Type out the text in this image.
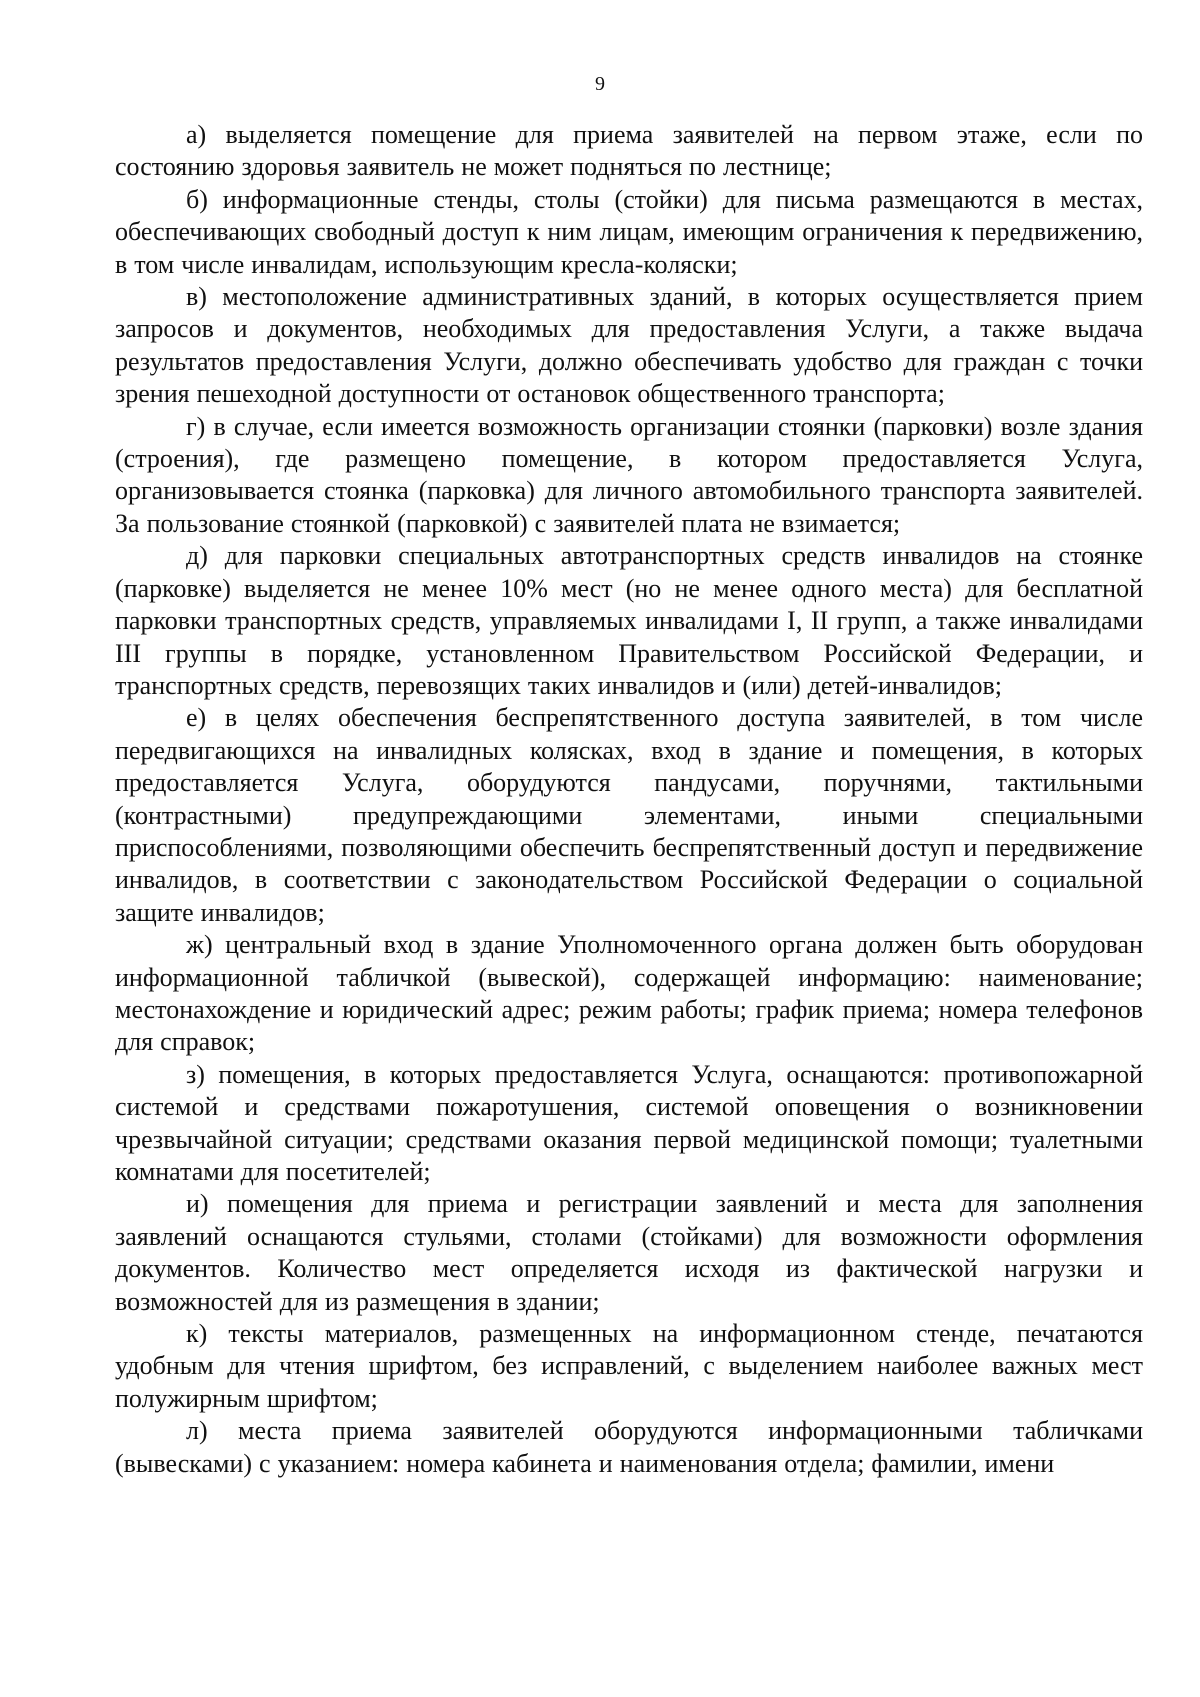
9

а) выделяется помещение для приема заявителей на первом этаже, если по состоянию здоровья заявитель не может подняться по лестнице;

б) информационные стенды, столы (стойки) для письма размещаются в местах, обеспечивающих свободный доступ к ним лицам, имеющим ограничения к передвижению, в том числе инвалидам, использующим кресла-коляски;

в) местоположение административных зданий, в которых осуществляется прием запросов и документов, необходимых для предоставления Услуги, а также выдача результатов предоставления Услуги, должно обеспечивать удобство для граждан с точки зрения пешеходной доступности от остановок общественного транспорта;

г) в случае, если имеется возможность организации стоянки (парковки) возле здания (строения), где размещено помещение, в котором предоставляется Услуга, организовывается стоянка (парковка) для личного автомобильного транспорта заявителей. За пользование стоянкой (парковкой) с заявителей плата не взимается;

д) для парковки специальных автотранспортных средств инвалидов на стоянке (парковке) выделяется не менее 10% мест (но не менее одного места) для бесплатной парковки транспортных средств, управляемых инвалидами I, II групп, а также инвалидами III группы в порядке, установленном Правительством Российской Федерации, и транспортных средств, перевозящих таких инвалидов и (или) детей-инвалидов;

е) в целях обеспечения беспрепятственного доступа заявителей, в том числе передвигающихся на инвалидных колясках, вход в здание и помещения, в которых предоставляется Услуга, оборудуются пандусами, поручнями, тактильными (контрастными) предупреждающими элементами, иными специальными приспособлениями, позволяющими обеспечить беспрепятственный доступ и передвижение инвалидов, в соответствии с законодательством Российской Федерации о социальной защите инвалидов;

ж) центральный вход в здание Уполномоченного органа должен быть оборудован информационной табличкой (вывеской), содержащей информацию: наименование; местонахождение и юридический адрес; режим работы; график приема; номера телефонов для справок;

з) помещения, в которых предоставляется Услуга, оснащаются: противопожарной системой и средствами пожаротушения, системой оповещения о возникновении чрезвычайной ситуации; средствами оказания первой медицинской помощи; туалетными комнатами для посетителей;

и) помещения для приема и регистрации заявлений и места для заполнения заявлений оснащаются стульями, столами (стойками) для возможности оформления документов. Количество мест определяется исходя из фактической нагрузки и возможностей для из размещения в здании;

к) тексты материалов, размещенных на информационном стенде, печатаются удобным для чтения шрифтом, без исправлений, с выделением наиболее важных мест полужирным шрифтом;

л) места приема заявителей оборудуются информационными табличками (вывесками) с указанием: номера кабинета и наименования отдела; фамилии, имени
